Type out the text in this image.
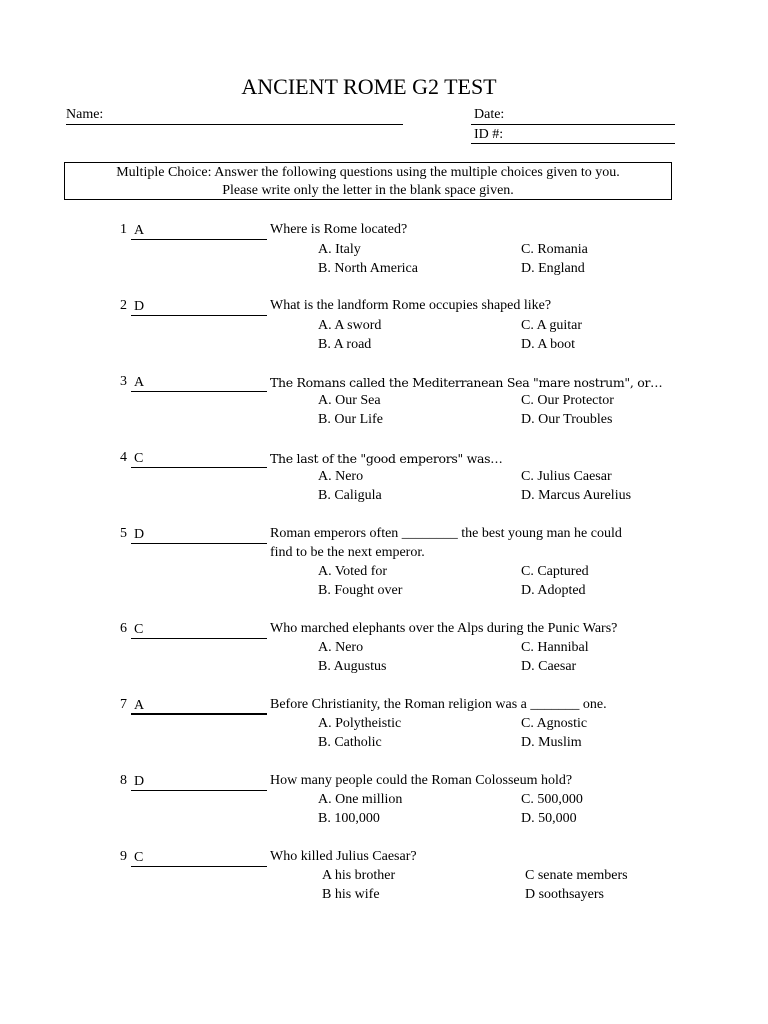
ANCIENT ROME G2 TEST
Name:	Date:
ID #:
Multiple Choice: Answer the following questions using the multiple choices given to you.
Please write only the letter in the blank space given.
1 A	Where is Rome located?
A. Italy	C. Romania
B. North America	D. England
2 D	What is the landform Rome occupies shaped like?
A. A sword	C. A guitar
B. A road	D. A boot
3 A	The Romans called the Mediterranean Sea "mare nostrum", or…
A. Our Sea	C. Our Protector
B. Our Life	D. Our Troubles
4 C	The last of the "good emperors" was…
A. Nero	C. Julius Caesar
B. Caligula	D. Marcus Aurelius
5 D	Roman emperors often ________ the best young man he could
find to be the next emperor.
A. Voted for	C. Captured
B. Fought over	D. Adopted
6 C	Who marched elephants over the Alps during the Punic Wars?
A. Nero	C. Hannibal
B. Augustus	D. Caesar
7 A	Before Christianity, the Roman religion was a _______ one.
A. Polytheistic	C. Agnostic
B. Catholic	D. Muslim
8 D	How many people could the Roman Colosseum hold?
A. One million	C. 500,000
B. 100,000	D. 50,000
9 C	Who killed Julius Caesar?
A his brother	C senate members
B his wife	D soothsayers
